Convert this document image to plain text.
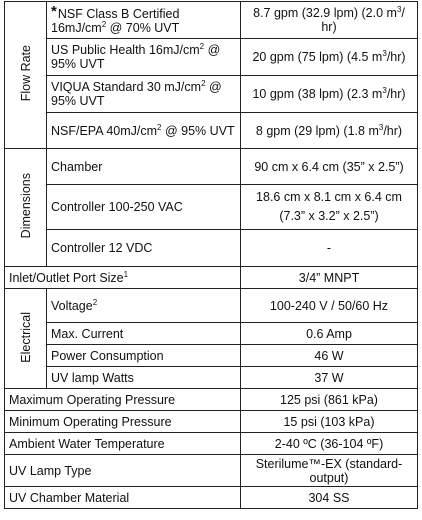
Flow Rate	*NSF Class B Certified $16mJ/cm^2$ @ 70% UVT	8.7 gpm (32.9 lpm) (2.0 $m^3/$ hr)
	US Public Health $16mJ/cm^2$ @ 95% UVT	20 gpm (75 lpm) (4.5 $m^3/hr$)
	VIQUA Standard 30 $mJ/cm^2$ @ 95% UVT	10 gpm (38 lpm) (2.3 $m^3/hr$)
	NSF/EPA $40mJ/cm^2$ @ 95% UVT	8 gpm (29 lpm) (1.8 $m^3/hr$)
Dimensions	Chamber	90 cm x 6.4 cm (35” x 2.5”)
	Controller 100-250 VAC	18.6 cm x 8.1 cm x 6.4 cm
(7.3” x 3.2” x 2.5”)

	Controller 12 VDC	-
Inlet/Outlet Port Size$^1$		3/4” MNPT
Electrical	Voltage$^2$	100-240 V / 50/60 Hz
	Max. Current	0.6 Amp
	Power Consumption	46 W
	UV lamp Watts	37 W
Maximum Operating Pressure		125 psi (861 kPa)
Minimum Operating Pressure		15 psi (103 kPa)
Ambient Water Temperature		2-40 ºC (36-104 ºF)
UV Lamp Type		Sterilume™-EX (standard-output)
UV Chamber Material		304 SS
